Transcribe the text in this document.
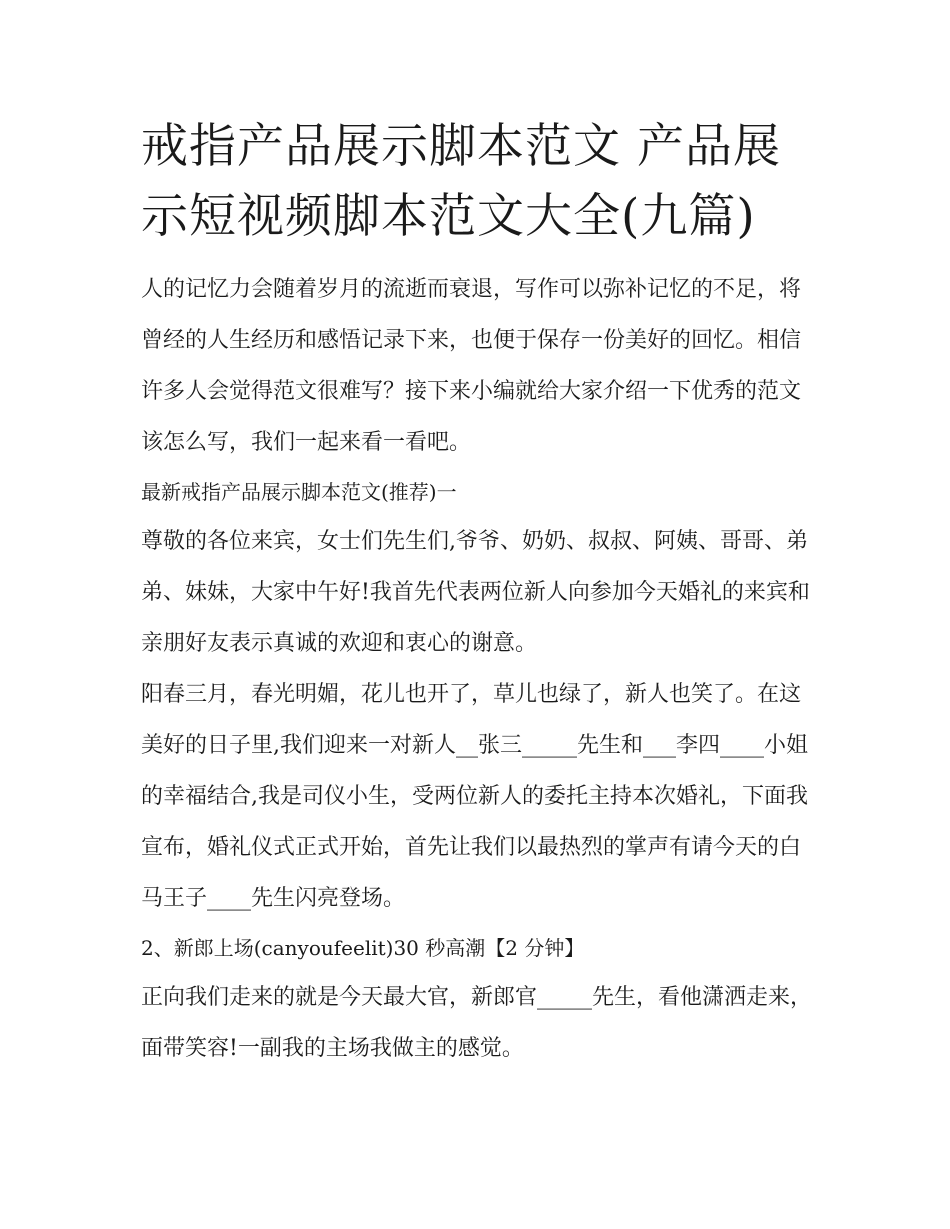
戒指产品展示脚本范文 产品展
示短视频脚本范文大全(九篇)

人的记忆力会随着岁月的流逝而衰退，写作可以弥补记忆的不足，将曾经的人生经历和感悟记录下来，也便于保存一份美好的回忆。相信许多人会觉得范文很难写？接下来小编就给大家介绍一下优秀的范文该怎么写，我们一起来看一看吧。

最新戒指产品展示脚本范文(推荐)一

尊敬的各位来宾，女士们先生们,爷爷、奶奶、叔叔、阿姨、哥哥、弟弟、妹妹，大家中午好!我首先代表两位新人向参加今天婚礼的来宾和亲朋好友表示真诚的欢迎和衷心的谢意。

阳春三月，春光明媚，花儿也开了，草儿也绿了，新人也笑了。在这美好的日子里,我们迎来一对新人__张三_____先生和___李四____小姐的幸福结合,我是司仪小生，受两位新人的委托主持本次婚礼，下面我宣布，婚礼仪式正式开始，首先让我们以最热烈的掌声有请今天的白马王子____先生闪亮登场。

2、新郎上场(canyoufeelit)30 秒高潮【2 分钟】

正向我们走来的就是今天最大官，新郎官_____先生，看他潇洒走来，面带笑容!一副我的主场我做主的感觉。
